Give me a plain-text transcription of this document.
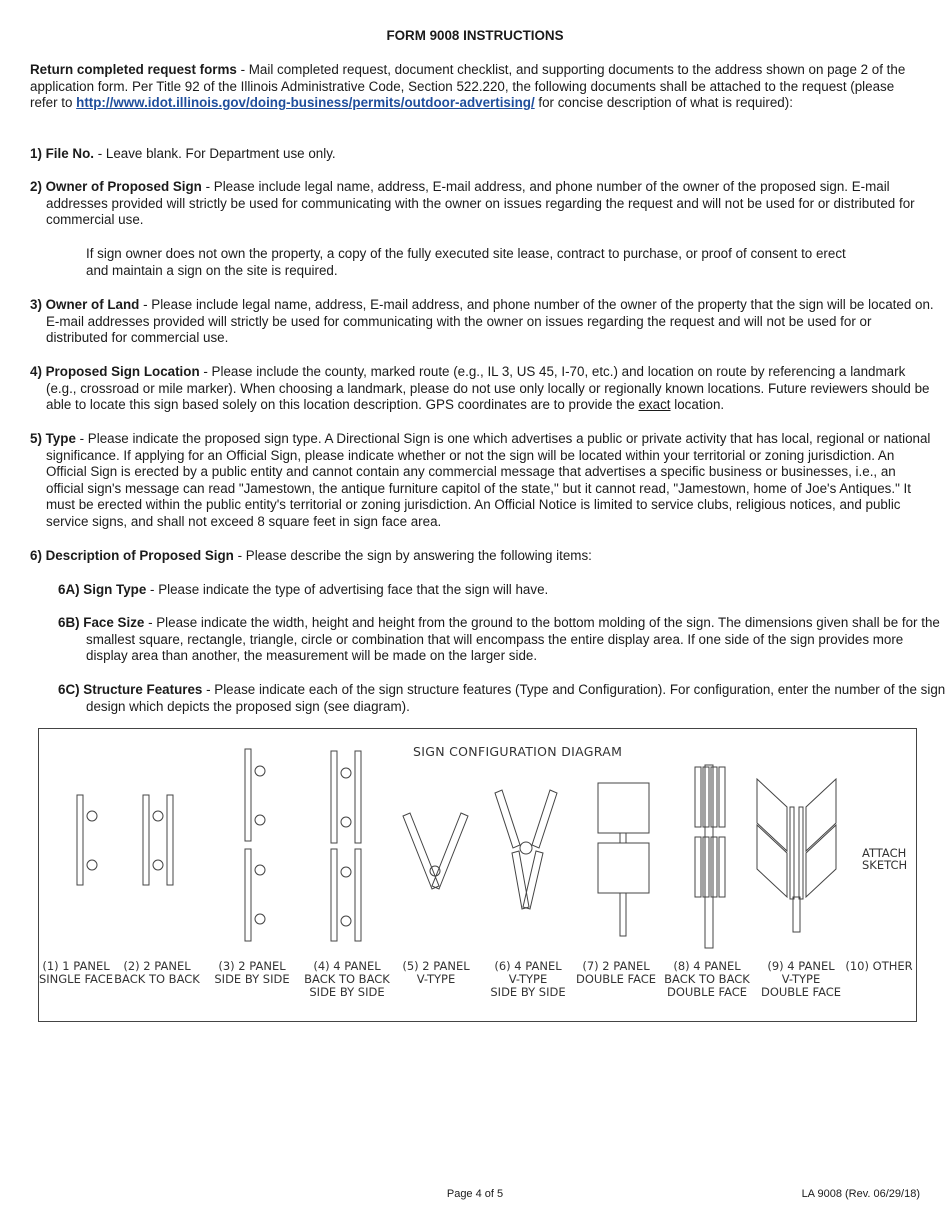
FORM 9008 INSTRUCTIONS

Return completed request forms - Mail completed request, document checklist, and supporting documents to the address shown on page 2 of the application form. Per Title 92 of the Illinois Administrative Code, Section 522.220, the following documents shall be attached to the request (please refer to http://www.idot.illinois.gov/doing-business/permits/outdoor-advertising/ for concise description of what is required):

1) File No. - Leave blank. For Department use only.

2) Owner of Proposed Sign - Please include legal name, address, E-mail address, and phone number of the owner of the proposed sign. E-mail addresses provided will strictly be used for communicating with the owner on issues regarding the request and will not be used for or distributed for commercial use.

If sign owner does not own the property, a copy of the fully executed site lease, contract to purchase, or proof of consent to erect and maintain a sign on the site is required.

3) Owner of Land - Please include legal name, address, E-mail address, and phone number of the owner of the property that the sign will be located on. E-mail addresses provided will strictly be used for communicating with the owner on issues regarding the request and will not be used for or distributed for commercial use.

4) Proposed Sign Location - Please include the county, marked route (e.g., IL 3, US 45, I-70, etc.) and location on route by referencing a landmark (e.g., crossroad or mile marker). When choosing a landmark, please do not use only locally or regionally known locations. Future reviewers should be able to locate this sign based solely on this location description. GPS coordinates are to provide the exact location.

5) Type - Please indicate the proposed sign type. A Directional Sign is one which advertises a public or private activity that has local, regional or national significance. If applying for an Official Sign, please indicate whether or not the sign will be located within your territorial or zoning jurisdiction. An Official Sign is erected by a public entity and cannot contain any commercial message that advertises a specific business or businesses, i.e., an official sign's message can read "Jamestown, the antique furniture capitol of the state," but it cannot read, "Jamestown, home of Joe's Antiques." It must be erected within the public entity's territorial or zoning jurisdiction. An Official Notice is limited to service clubs, religious notices, and public service signs, and shall not exceed 8 square feet in sign face area.

6) Description of Proposed Sign - Please describe the sign by answering the following items:

6A) Sign Type - Please indicate the type of advertising face that the sign will have.

6B) Face Size - Please indicate the width, height and height from the ground to the bottom molding of the sign. The dimensions given shall be for the smallest square, rectangle, triangle, circle or combination that will encompass the entire display area. If one side of the sign provides more display area than another, the measurement will be made on the larger side.

6C) Structure Features - Please indicate each of the sign structure features (Type and Configuration). For configuration, enter the number of the sign design which depicts the proposed sign (see diagram).

SIGN CONFIGURATION DIAGRAM
ATTACH
SKETCH
(1) 1 PANEL SINGLE FACE
(2) 2 PANEL BACK TO BACK
(3) 2 PANEL SIDE BY SIDE
(4) 4 PANEL BACK TO BACK SIDE BY SIDE
(5) 2 PANEL V-TYPE
(6) 4 PANEL V-TYPE SIDE BY SIDE
(7) 2 PANEL DOUBLE FACE
(8) 4 PANEL BACK TO BACK DOUBLE FACE
(9) 4 PANEL V-TYPE DOUBLE FACE
(10) OTHER
Page 4 of 5	LA 9008 (Rev. 06/29/18)
